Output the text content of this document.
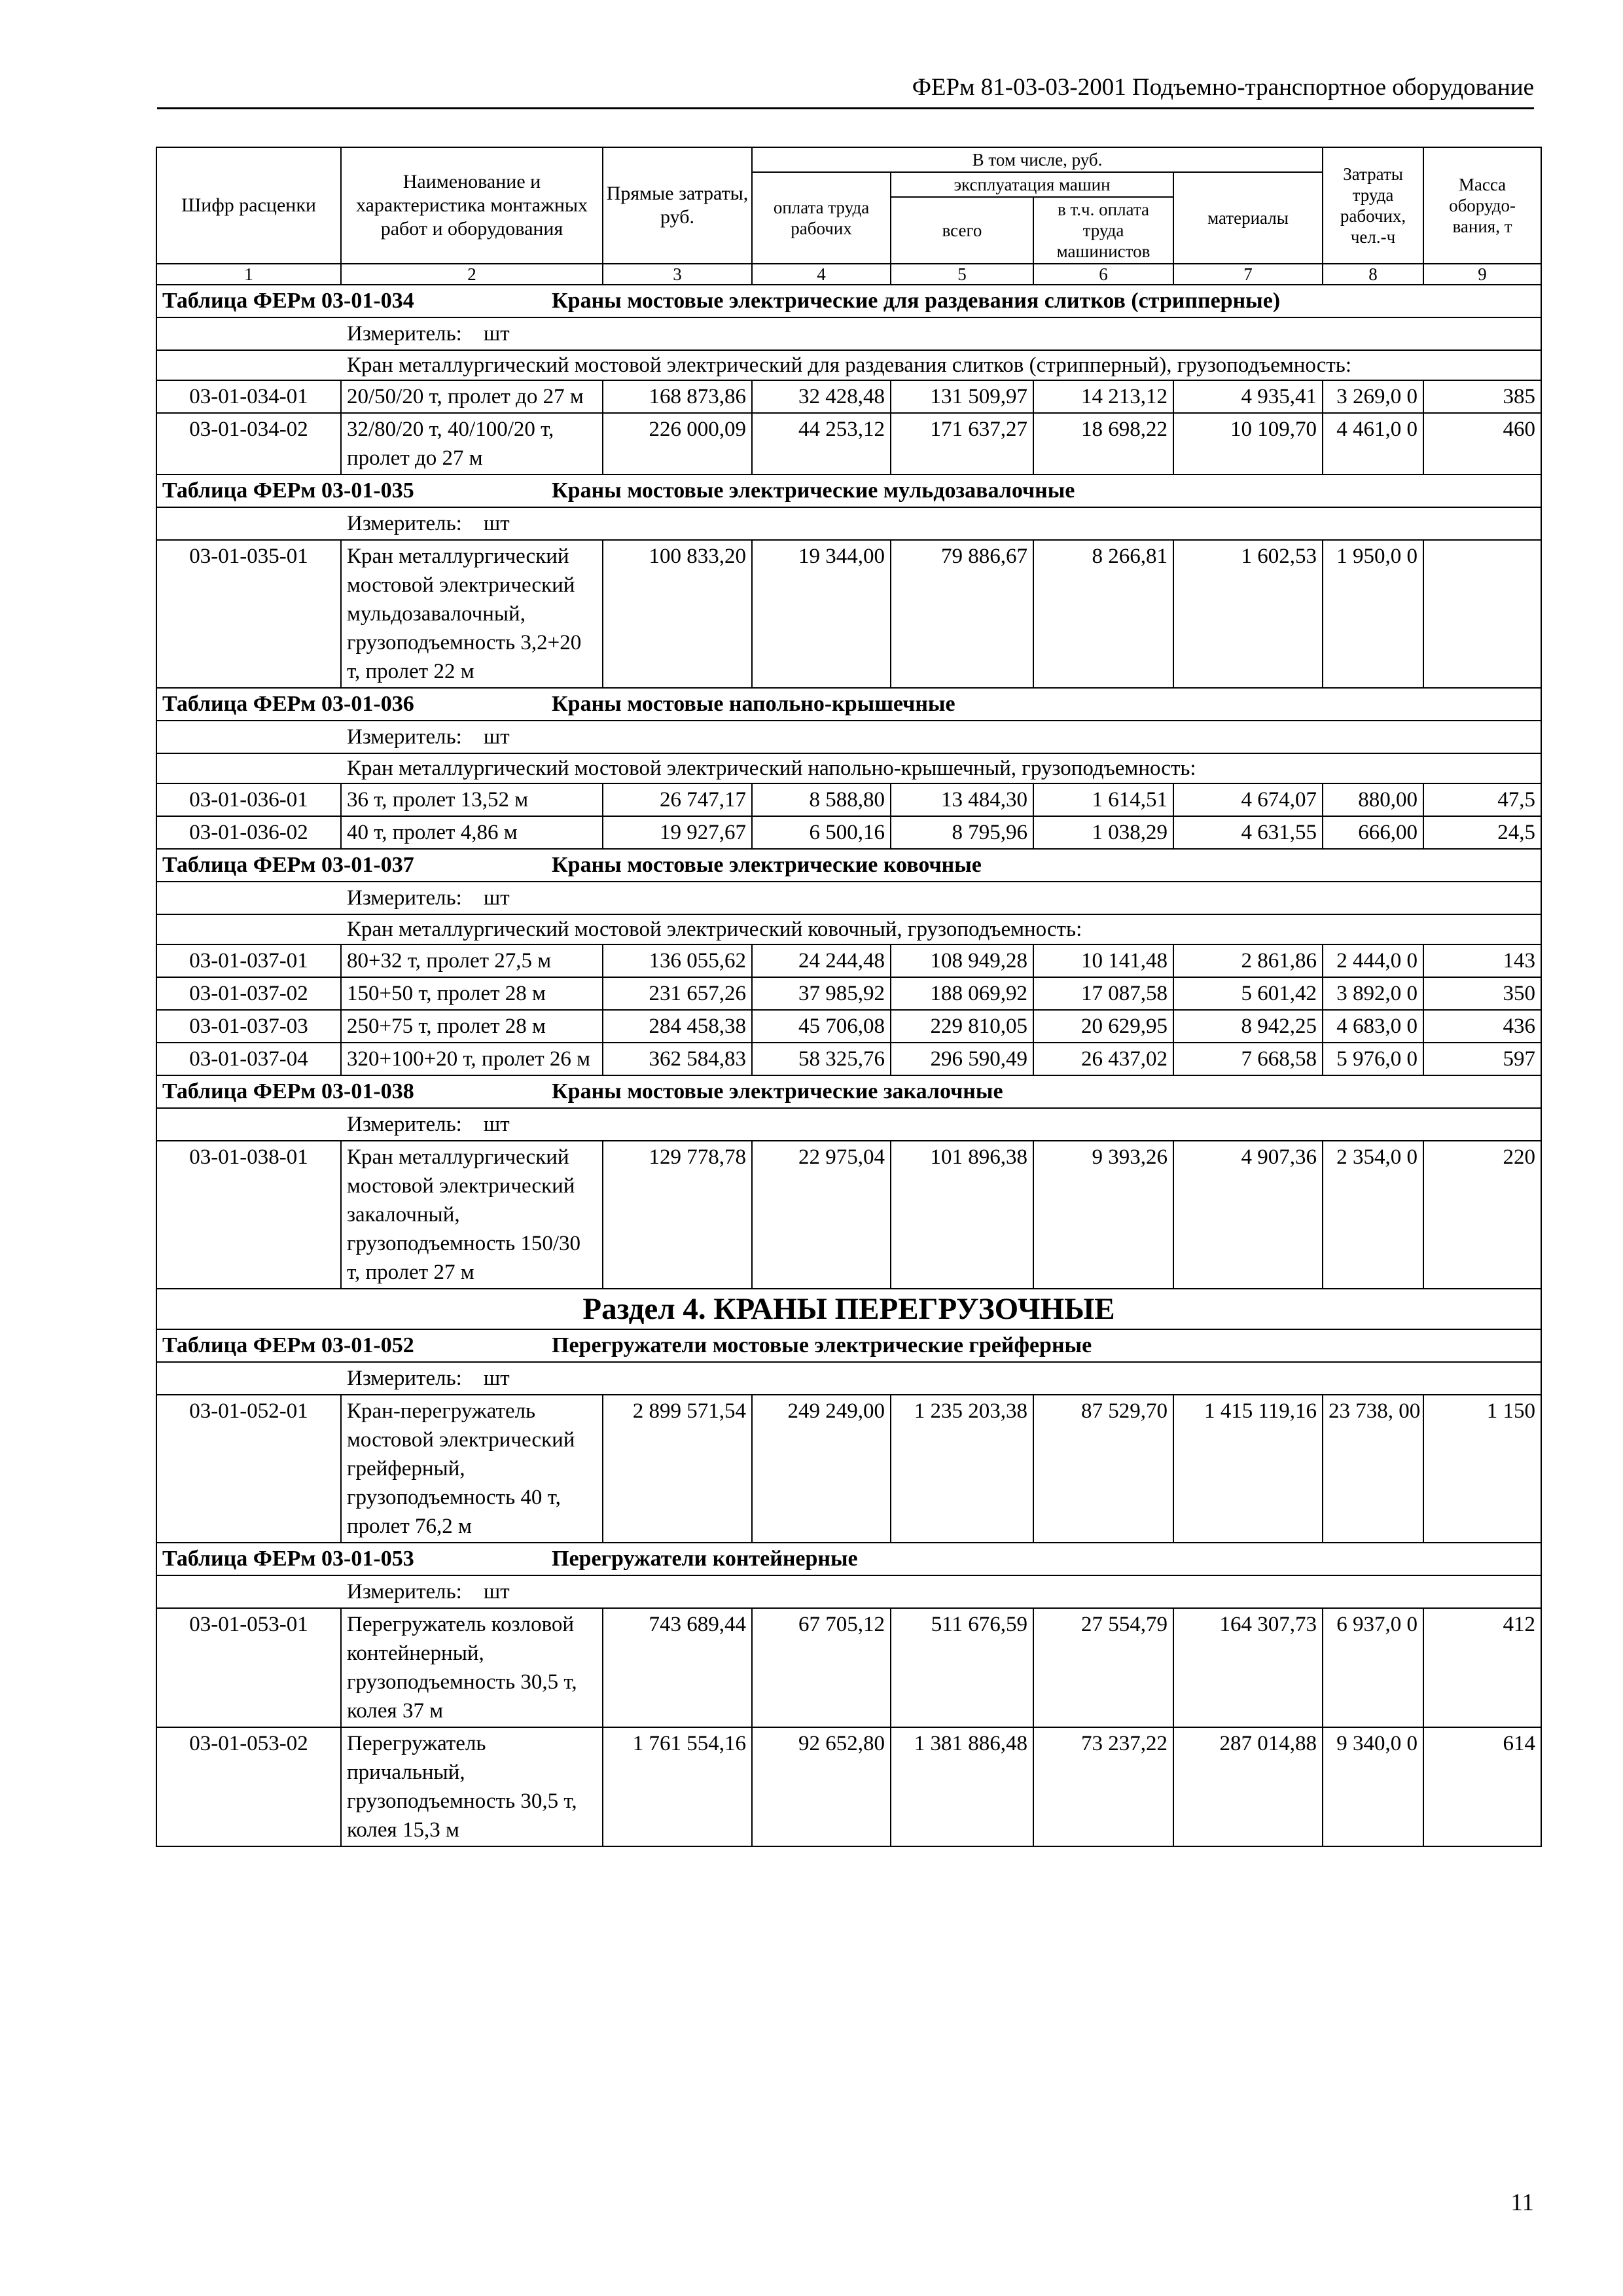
ФЕРм 81-03-03-2001 Подъемно-транспортное оборудование
Шифр расценки	Наименование и характеристика монтажных работ и оборудования	Прямые затраты, руб.	В том числе, руб.				Затраты труда рабочих, чел.-ч	Масса оборудо-вания, т
			оплата труда рабочих	эксплуатация машин		материалы		
				всего	в т.ч. оплата труда машинистов			
1	2	3	4	5	6	7	8	9
Таблица ФЕРм 03-01-034 Краны мостовые электрические для раздевания слитков (стрипперные)								
Измеритель: шт								
Кран металлургический мостовой электрический для раздевания слитков (стрипперный), грузоподъемность:								
03-01-034-01	20/50/20 т, пролет до 27 м	168 873,86	32 428,48	131 509,97	14 213,12	4 935,41	3 269,0 0	385
03-01-034-02	32/80/20 т, 40/100/20 т, пролет до 27 м	226 000,09	44 253,12	171 637,27	18 698,22	10 109,70	4 461,0 0	460
Таблица ФЕРм 03-01-035 Краны мостовые электрические мульдозавалочные								
Измеритель: шт								
03-01-035-01	Кран металлургический мостовой электрический мульдозавалочный, грузоподъемность 3,2+20 т, пролет 22 м	100 833,20	19 344,00	79 886,67	8 266,81	1 602,53	1 950,0 0	
Таблица ФЕРм 03-01-036 Краны мостовые напольно-крышечные								
Измеритель: шт								
Кран металлургический мостовой электрический напольно-крышечный, грузоподъемность:								
03-01-036-01	36 т, пролет 13,52 м	26 747,17	8 588,80	13 484,30	1 614,51	4 674,07	880,00	47,5
03-01-036-02	40 т, пролет 4,86 м	19 927,67	6 500,16	8 795,96	1 038,29	4 631,55	666,00	24,5
Таблица ФЕРм 03-01-037 Краны мостовые электрические ковочные								
Измеритель: шт								
Кран металлургический мостовой электрический ковочный, грузоподъемность:								
03-01-037-01	80+32 т, пролет 27,5 м	136 055,62	24 244,48	108 949,28	10 141,48	2 861,86	2 444,0 0	143
03-01-037-02	150+50 т, пролет 28 м	231 657,26	37 985,92	188 069,92	17 087,58	5 601,42	3 892,0 0	350
03-01-037-03	250+75 т, пролет 28 м	284 458,38	45 706,08	229 810,05	20 629,95	8 942,25	4 683,0 0	436
03-01-037-04	320+100+20 т, пролет 26 м	362 584,83	58 325,76	296 590,49	26 437,02	7 668,58	5 976,0 0	597
Таблица ФЕРм 03-01-038 Краны мостовые электрические закалочные								
Измеритель: шт								
03-01-038-01	Кран металлургический мостовой электрический закалочный, грузоподъемность 150/30 т, пролет 27 м	129 778,78	22 975,04	101 896,38	9 393,26	4 907,36	2 354,0 0	220
Раздел 4. КРАНЫ ПЕРЕГРУЗОЧНЫЕ								
Таблица ФЕРм 03-01-052 Перегружатели мостовые электрические грейферные								
Измеритель: шт								
03-01-052-01	Кран-перегружатель мостовой электрический грейферный, грузоподъемность 40 т, пролет 76,2 м	2 899 571,54	249 249,00	1 235 203,38	87 529,70	1 415 119,16	23 738, 00	1 150
Таблица ФЕРм 03-01-053 Перегружатели контейнерные								
Измеритель: шт								
03-01-053-01	Перегружатель козловой контейнерный, грузоподъемность 30,5 т, колея 37 м	743 689,44	67 705,12	511 676,59	27 554,79	164 307,73	6 937,0 0	412
03-01-053-02	Перегружатель причальный, грузоподъемность 30,5 т, колея 15,3 м	1 761 554,16	92 652,80	1 381 886,48	73 237,22	287 014,88	9 340,0 0	614
11
